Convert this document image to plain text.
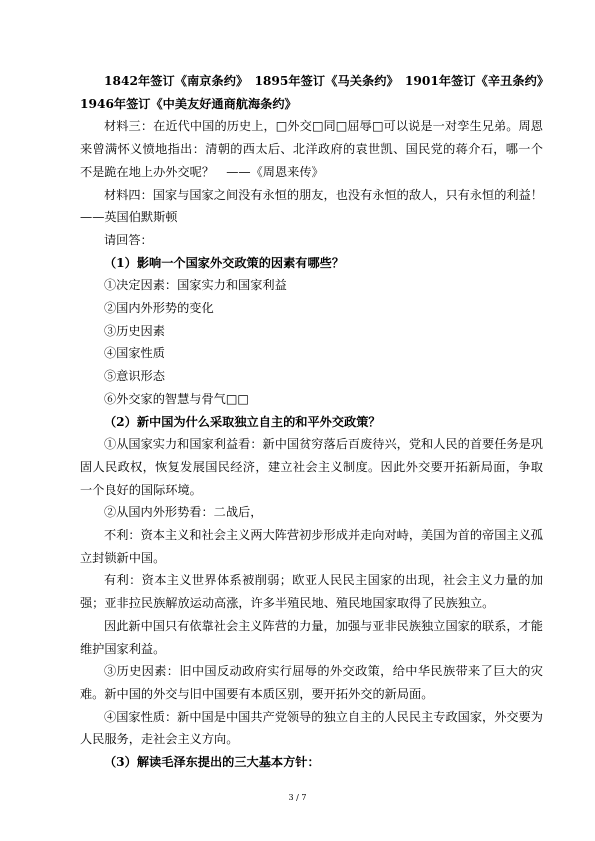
1842年签订《南京条约》　1895年签订《马关条约》　1901年签订《辛丑条约》　1946年签订《中美友好通商航海条约》

材料三：在近代中国的历史上，□外交□同□屈辱□可以说是一对孪生兄弟。周恩来曾满怀义愤地指出：清朝的西太后、北洋政府的袁世凯、国民党的蒋介石，哪一个不是跪在地上办外交呢？　——《周恩来传》

材料四：国家与国家之间没有永恒的朋友，也没有永恒的敌人，只有永恒的利益！　——英国伯默斯顿

请回答：

（1）影响一个国家外交政策的因素有哪些？

①决定因素：国家实力和国家利益

②国内外形势的变化

③历史因素

④国家性质

⑤意识形态

⑥外交家的智慧与骨气□□

（2）新中国为什么采取独立自主的和平外交政策？

①从国家实力和国家利益看：新中国贫穷落后百废待兴，党和人民的首要任务是巩固人民政权，恢复发展国民经济，建立社会主义制度。因此外交要开拓新局面，争取一个良好的国际环境。

②从国内外形势看：二战后，

不利：资本主义和社会主义两大阵营初步形成并走向对峙，美国为首的帝国主义孤立封锁新中国。

有利：资本主义世界体系被削弱；欧亚人民民主国家的出现，社会主义力量的加强；亚非拉民族解放运动高涨，许多半殖民地、殖民地国家取得了民族独立。

因此新中国只有依靠社会主义阵营的力量，加强与亚非民族独立国家的联系，才能维护国家利益。

③历史因素：旧中国反动政府实行屈辱的外交政策，给中华民族带来了巨大的灾难。新中国的外交与旧中国要有本质区别，要开拓外交的新局面。

④国家性质：新中国是中国共产党领导的独立自主的人民民主专政国家，外交要为人民服务，走社会主义方向。

（3）解读毛泽东提出的三大基本方针：

3 / 7
